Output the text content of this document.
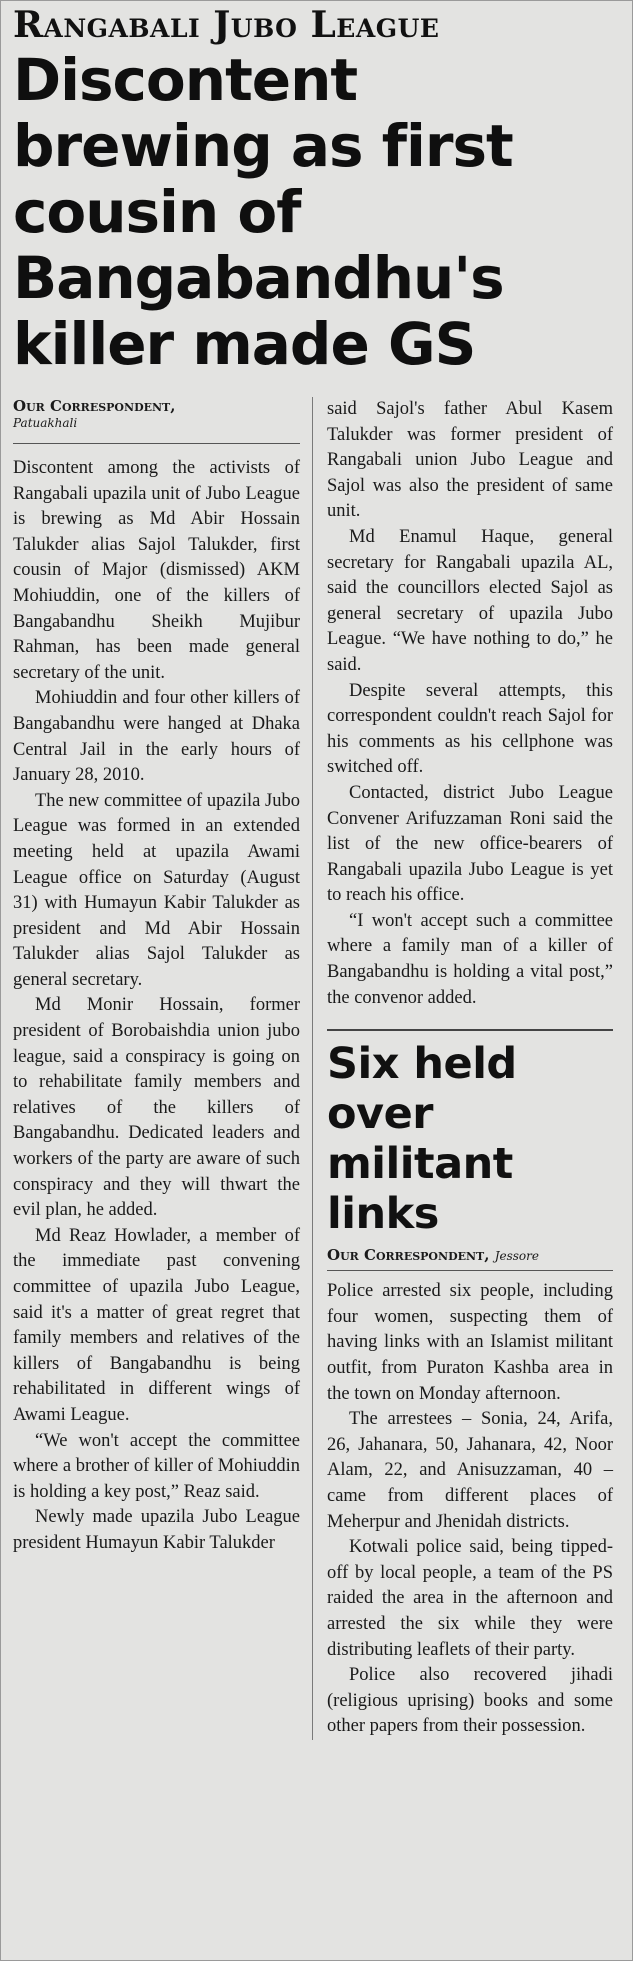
Rangabali Jubo League
Discontent brewing as first cousin of Bangabandhu's killer made GS

Our Correspondent,

Patuakhali

Discontent among the activists of Rangabali upazila unit of Jubo League is brewing as Md Abir Hossain Talukder alias Sajol Talukder, first cousin of Major (dismissed) AKM Mohiuddin, one of the killers of Bangabandhu Sheikh Mujibur Rahman, has been made general secretary of the unit.

Mohiuddin and four other killers of Bangabandhu were hanged at Dhaka Central Jail in the early hours of January 28, 2010.

The new committee of upazila Jubo League was formed in an extended meeting held at upazila Awami League office on Saturday (August 31) with Humayun Kabir Talukder as president and Md Abir Hossain Talukder alias Sajol Talukder as general secretary.

Md Monir Hossain, former president of Borobaishdia union jubo league, said a conspiracy is going on to rehabilitate family members and relatives of the killers of Bangabandhu. Dedicated leaders and workers of the party are aware of such conspiracy and they will thwart the evil plan, he added.

Md Reaz Howlader, a member of the immediate past convening committee of upazila Jubo League, said it's a matter of great regret that family members and relatives of the killers of Bangabandhu is being rehabilitated in different wings of Awami League.

“We won't accept the committee where a brother of killer of Mohiuddin is holding a key post,” Reaz said.

Newly made upazila Jubo League president Humayun Kabir Talukder

said Sajol's father Abul Kasem Talukder was former president of Rangabali union Jubo League and Sajol was also the president of same unit.

Md Enamul Haque, general secretary for Rangabali upazila AL, said the councillors elected Sajol as general secretary of upazila Jubo League. “We have nothing to do,” he said.

Despite several attempts, this correspondent couldn't reach Sajol for his comments as his cellphone was switched off.

Contacted, district Jubo League Convener Arifuzzaman Roni said the list of the new office-bearers of Rangabali upazila Jubo League is yet to reach his office.

“I won't accept such a committee where a family man of a killer of Bangabandhu is holding a vital post,” the convenor added.

Six held over militant links

Our Correspondent, Jessore

Police arrested six people, including four women, suspecting them of having links with an Islamist militant outfit, from Puraton Kashba area in the town on Monday afternoon.

The arrestees – Sonia, 24, Arifa, 26, Jahanara, 50, Jahanara, 42, Noor Alam, 22, and Anisuzzaman, 40 – came from different places of Meherpur and Jhenidah districts.

Kotwali police said, being tipped-off by local people, a team of the PS raided the area in the afternoon and arrested the six while they were distributing leaflets of their party.

Police also recovered jihadi (religious uprising) books and some other papers from their possession.
